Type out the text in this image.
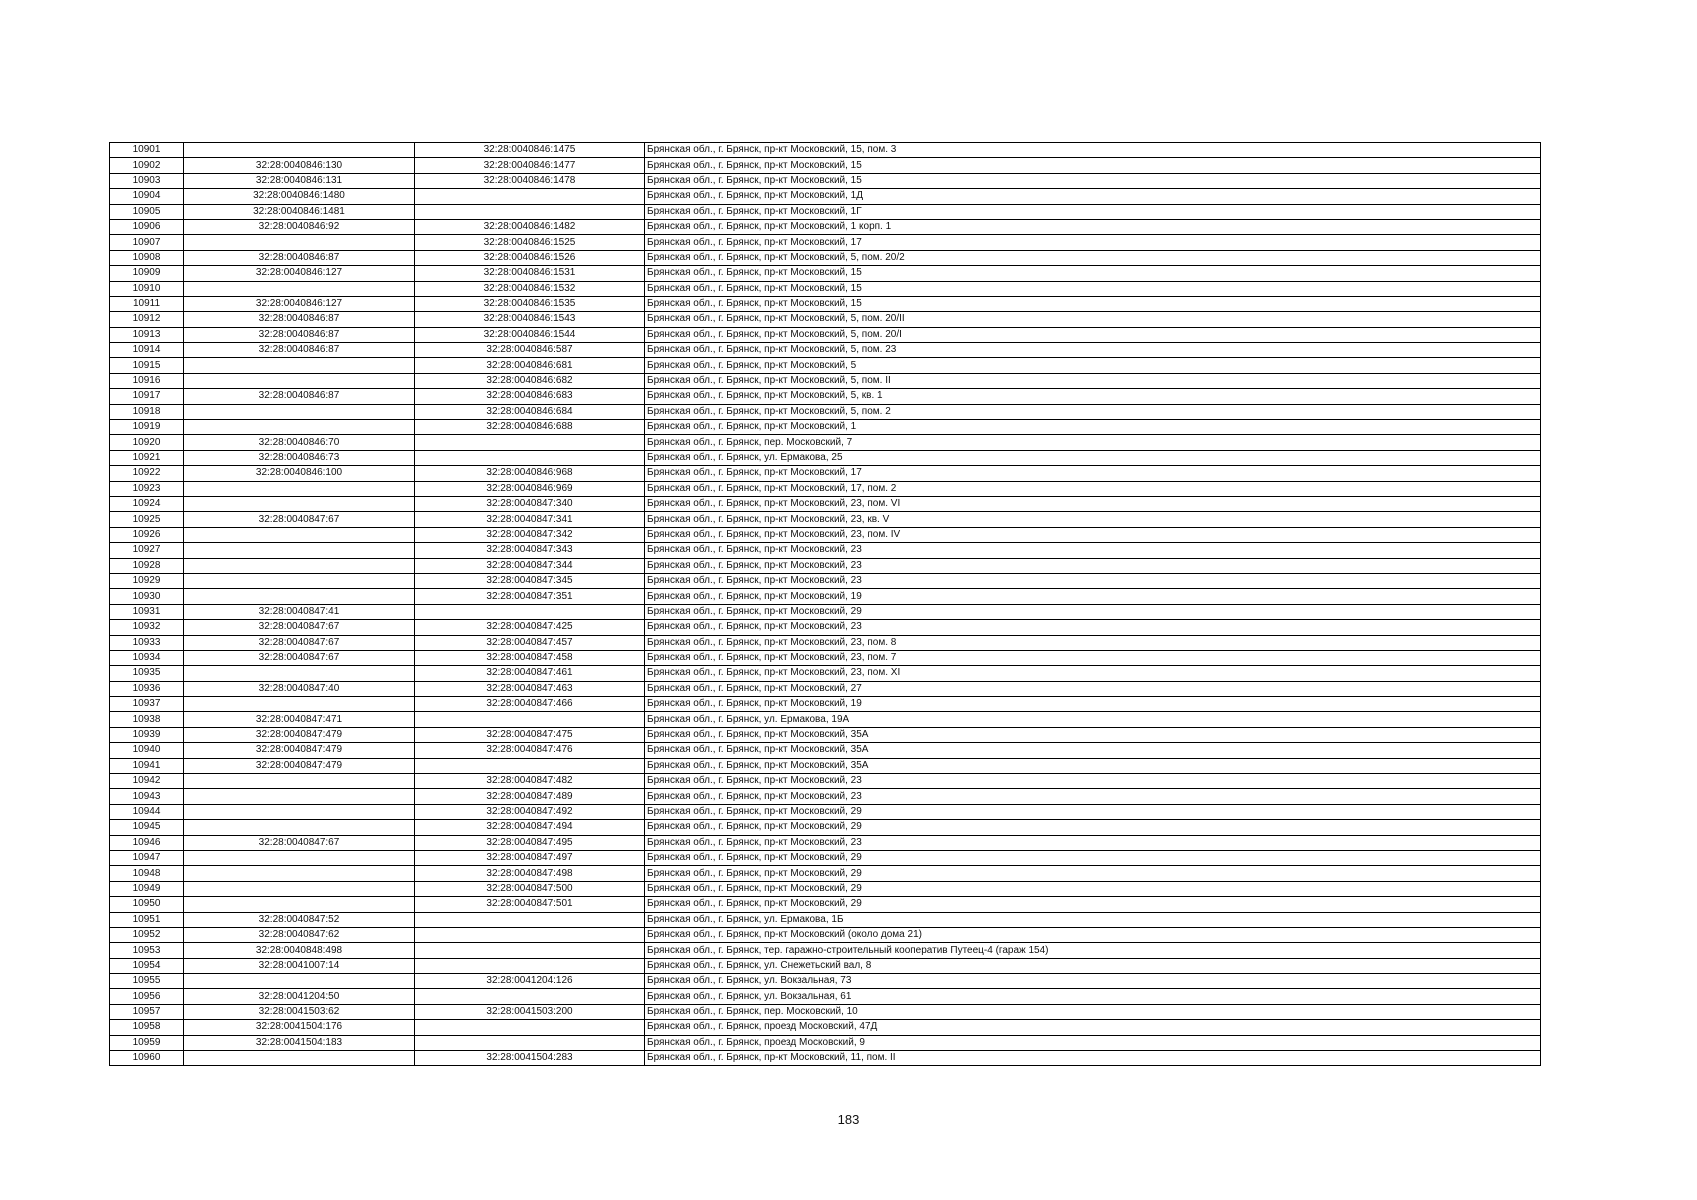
10901		32:28:0040846:1475	Брянская обл., г. Брянск, пр-кт Московский, 15, пом. 3
10902	32:28:0040846:130	32:28:0040846:1477	Брянская обл., г. Брянск, пр-кт Московский, 15
10903	32:28:0040846:131	32:28:0040846:1478	Брянская обл., г. Брянск, пр-кт Московский, 15
10904	32:28:0040846:1480		Брянская обл., г. Брянск, пр-кт Московский, 1Д
10905	32:28:0040846:1481		Брянская обл., г. Брянск, пр-кт Московский, 1Г
10906	32:28:0040846:92	32:28:0040846:1482	Брянская обл., г. Брянск, пр-кт Московский, 1 корп. 1
10907		32:28:0040846:1525	Брянская обл., г. Брянск, пр-кт Московский, 17
10908	32:28:0040846:87	32:28:0040846:1526	Брянская обл., г. Брянск, пр-кт Московский, 5, пом. 20/2
10909	32:28:0040846:127	32:28:0040846:1531	Брянская обл., г. Брянск, пр-кт Московский, 15
10910		32:28:0040846:1532	Брянская обл., г. Брянск, пр-кт Московский, 15
10911	32:28:0040846:127	32:28:0040846:1535	Брянская обл., г. Брянск, пр-кт Московский, 15
10912	32:28:0040846:87	32:28:0040846:1543	Брянская обл., г. Брянск, пр-кт Московский, 5, пом. 20/II
10913	32:28:0040846:87	32:28:0040846:1544	Брянская обл., г. Брянск, пр-кт Московский, 5, пом. 20/I
10914	32:28:0040846:87	32:28:0040846:587	Брянская обл., г. Брянск, пр-кт Московский, 5, пом. 23
10915		32:28:0040846:681	Брянская обл., г. Брянск, пр-кт Московский, 5
10916		32:28:0040846:682	Брянская обл., г. Брянск, пр-кт Московский, 5, пом. II
10917	32:28:0040846:87	32:28:0040846:683	Брянская обл., г. Брянск, пр-кт Московский, 5, кв. 1
10918		32:28:0040846:684	Брянская обл., г. Брянск, пр-кт Московский, 5, пом. 2
10919		32:28:0040846:688	Брянская обл., г. Брянск, пр-кт Московский, 1
10920	32:28:0040846:70		Брянская обл., г. Брянск, пер. Московский, 7
10921	32:28:0040846:73		Брянская обл., г. Брянск, ул. Ермакова, 25
10922	32:28:0040846:100	32:28:0040846:968	Брянская обл., г. Брянск, пр-кт Московский, 17
10923		32:28:0040846:969	Брянская обл., г. Брянск, пр-кт Московский, 17, пом. 2
10924		32:28:0040847:340	Брянская обл., г. Брянск, пр-кт Московский, 23, пом. VI
10925	32:28:0040847:67	32:28:0040847:341	Брянская обл., г. Брянск, пр-кт Московский, 23, кв. V
10926		32:28:0040847:342	Брянская обл., г. Брянск, пр-кт Московский, 23, пом. IV
10927		32:28:0040847:343	Брянская обл., г. Брянск, пр-кт Московский, 23
10928		32:28:0040847:344	Брянская обл., г. Брянск, пр-кт Московский, 23
10929		32:28:0040847:345	Брянская обл., г. Брянск, пр-кт Московский, 23
10930		32:28:0040847:351	Брянская обл., г. Брянск, пр-кт Московский, 19
10931	32:28:0040847:41		Брянская обл., г. Брянск, пр-кт Московский, 29
10932	32:28:0040847:67	32:28:0040847:425	Брянская обл., г. Брянск, пр-кт Московский, 23
10933	32:28:0040847:67	32:28:0040847:457	Брянская обл., г. Брянск, пр-кт Московский, 23, пом. 8
10934	32:28:0040847:67	32:28:0040847:458	Брянская обл., г. Брянск, пр-кт Московский, 23, пом. 7
10935		32:28:0040847:461	Брянская обл., г. Брянск, пр-кт Московский, 23, пом. XI
10936	32:28:0040847:40	32:28:0040847:463	Брянская обл., г. Брянск, пр-кт Московский, 27
10937		32:28:0040847:466	Брянская обл., г. Брянск, пр-кт Московский, 19
10938	32:28:0040847:471		Брянская обл., г. Брянск, ул. Ермакова, 19А
10939	32:28:0040847:479	32:28:0040847:475	Брянская обл., г. Брянск, пр-кт Московский, 35А
10940	32:28:0040847:479	32:28:0040847:476	Брянская обл., г. Брянск, пр-кт Московский, 35А
10941	32:28:0040847:479		Брянская обл., г. Брянск, пр-кт Московский, 35А
10942		32:28:0040847:482	Брянская обл., г. Брянск, пр-кт Московский, 23
10943		32:28:0040847:489	Брянская обл., г. Брянск, пр-кт Московский, 23
10944		32:28:0040847:492	Брянская обл., г. Брянск, пр-кт Московский, 29
10945		32:28:0040847:494	Брянская обл., г. Брянск, пр-кт Московский, 29
10946	32:28:0040847:67	32:28:0040847:495	Брянская обл., г. Брянск, пр-кт Московский, 23
10947		32:28:0040847:497	Брянская обл., г. Брянск, пр-кт Московский, 29
10948		32:28:0040847:498	Брянская обл., г. Брянск, пр-кт Московский, 29
10949		32:28:0040847:500	Брянская обл., г. Брянск, пр-кт Московский, 29
10950		32:28:0040847:501	Брянская обл., г. Брянск, пр-кт Московский, 29
10951	32:28:0040847:52		Брянская обл., г. Брянск, ул. Ермакова, 1Б
10952	32:28:0040847:62		Брянская обл., г. Брянск, пр-кт Московский (около дома 21)
10953	32:28:0040848:498		Брянская обл., г. Брянск, тер. гаражно-строительный кооператив Путеец-4 (гараж 154)
10954	32:28:0041007:14		Брянская обл., г. Брянск, ул. Снежетьский вал, 8
10955		32:28:0041204:126	Брянская обл., г. Брянск, ул. Вокзальная, 73
10956	32:28:0041204:50		Брянская обл., г. Брянск, ул. Вокзальная, 61
10957	32:28:0041503:62	32:28:0041503:200	Брянская обл., г. Брянск, пер. Московский, 10
10958	32:28:0041504:176		Брянская обл., г. Брянск, проезд Московский, 47Д
10959	32:28:0041504:183		Брянская обл., г. Брянск, проезд Московский, 9
10960		32:28:0041504:283	Брянская обл., г. Брянск, пр-кт Московский, 11, пом. II
183
